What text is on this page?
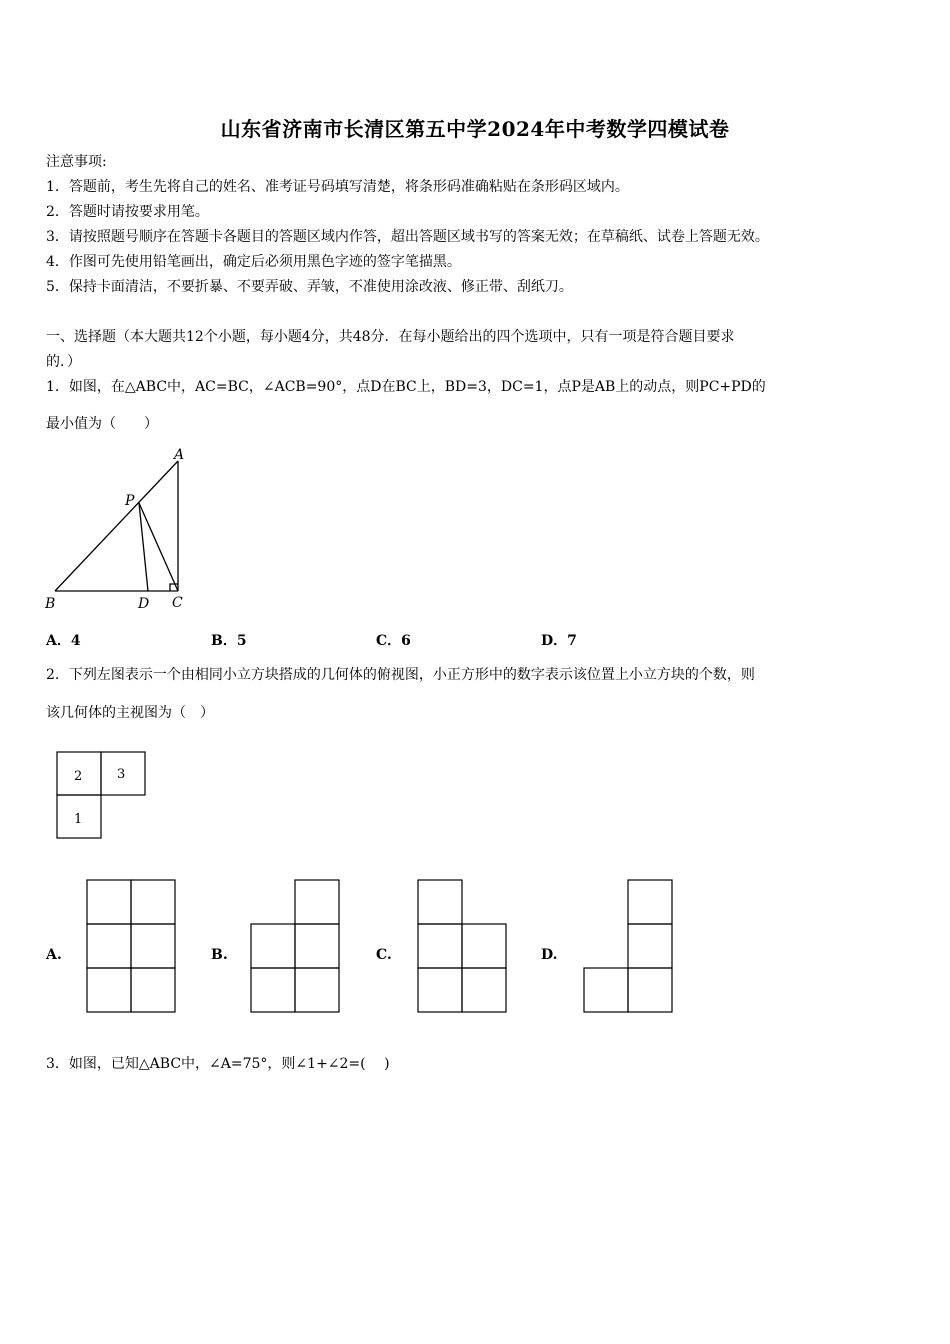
山东省济南市长清区第五中学2024年中考数学四模试卷
注意事项:
1．答题前，考生先将自己的姓名、准考证号码填写清楚，将条形码准确粘贴在条形码区域内。
2．答题时请按要求用笔。
3．请按照题号顺序在答题卡各题目的答题区域内作答，超出答题区域书写的答案无效；在草稿纸、试卷上答题无效。
4．作图可先使用铅笔画出，确定后必须用黑色字迹的签字笔描黑。
5．保持卡面清洁，不要折暴、不要弄破、弄皱，不准使用涂改液、修正带、刮纸刀。
一、选择题（本大题共12个小题，每小题4分，共48分．在每小题给出的四个选项中，只有一项是符合题目要求
的．）
1．如图，在△ABC中，AC=BC，∠ACB=90°，点D在BC上，BD=3，DC=1，点P是AB上的动点，则PC+PD的
最小值为（　　）
A
P
B	D C
A．4	B．5	C．6	D．7
2．下列左图表示一个由相同小立方块搭成的几何体的俯视图，小正方形中的数字表示该位置上小立方块的个数，则
该几何体的主视图为（　）
2	3
1
A.	B.	C.	D.
3．如图，已知△ABC中，∠A=75°，则∠1+∠2=(　 )
